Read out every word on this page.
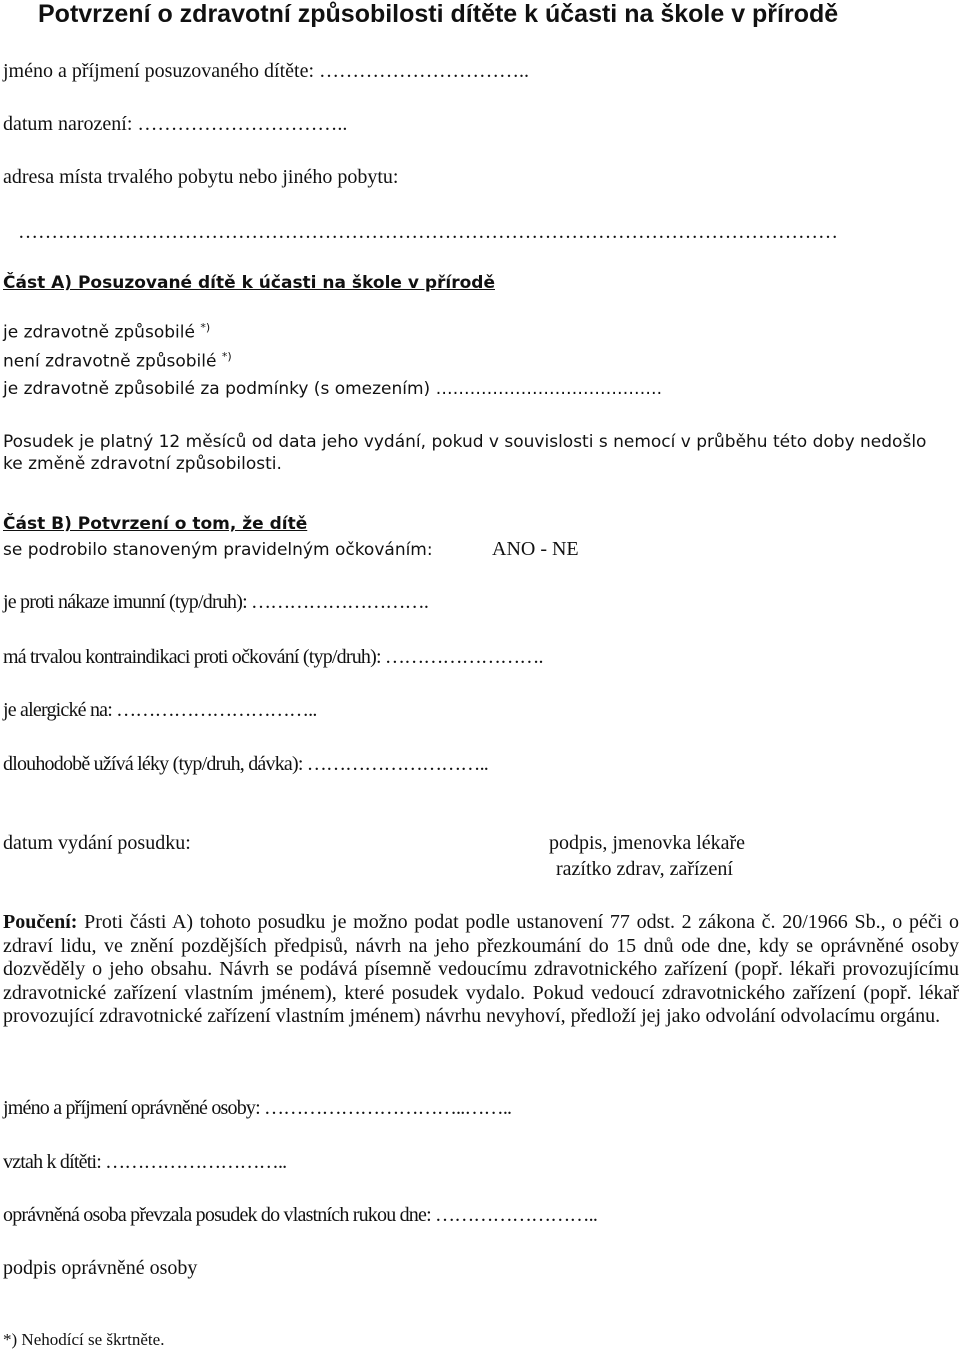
Potvrzení o zdravotní způsobilosti dítěte k účasti na škole v přírodě
jméno a příjmení posuzovaného dítěte: …………………………..
datum narození: …………………………..
adresa místa trvalého pobytu nebo jiného pobytu:
……………………………………………………………………………………………………………
Část A) Posuzované dítě k účasti na škole v přírodě
je zdravotně způsobilé *)
není zdravotně způsobilé *)
je zdravotně způsobilé za podmínky (s omezením) ………………………………….
Posudek je platný 12 měsíců od data jeho vydání, pokud v souvislosti s nemocí v průběhu této doby nedošlo ke změně zdravotní způsobilosti.
Část B) Potvrzení o tom, že dítě
se podrobilo stanoveným pravidelným očkováním:	ANO - NE
je proti nákaze imunní (typ/druh): ……………………….
má trvalou kontraindikaci proti očkování (typ/druh): …………………….
je alergické na: …………………………..
dlouhodobě užívá léky (typ/druh, dávka): ………………………..
datum vydání posudku:	podpis, jmenovka lékaře
razítko zdrav, zařízení
Poučení: Proti části A) tohoto posudku je možno podat podle ustanovení 77 odst. 2 zákona č. 20/1966 Sb., o péči o zdraví lidu, ve znění pozdějších předpisů, návrh na jeho přezkoumání do 15 dnů ode dne, kdy se oprávněné osoby dozvěděly o jeho obsahu. Návrh se podává písemně vedoucímu zdravotnického zařízení (popř. lékaři provozujícímu zdravotnické zařízení vlastním jménem), které posudek vydalo. Pokud vedoucí zdravotnického zařízení (popř. lékař provozující zdravotnické zařízení vlastním jménem) návrhu nevyhoví, předloží jej jako odvolání odvolacímu orgánu.
jméno a příjmení oprávněné osoby: …………………………..……..
vztah k dítěti: ………………………..
oprávněná osoba převzala posudek do vlastních rukou dne: ……………………..
podpis oprávněné osoby
*) Nehodící se škrtněte.
